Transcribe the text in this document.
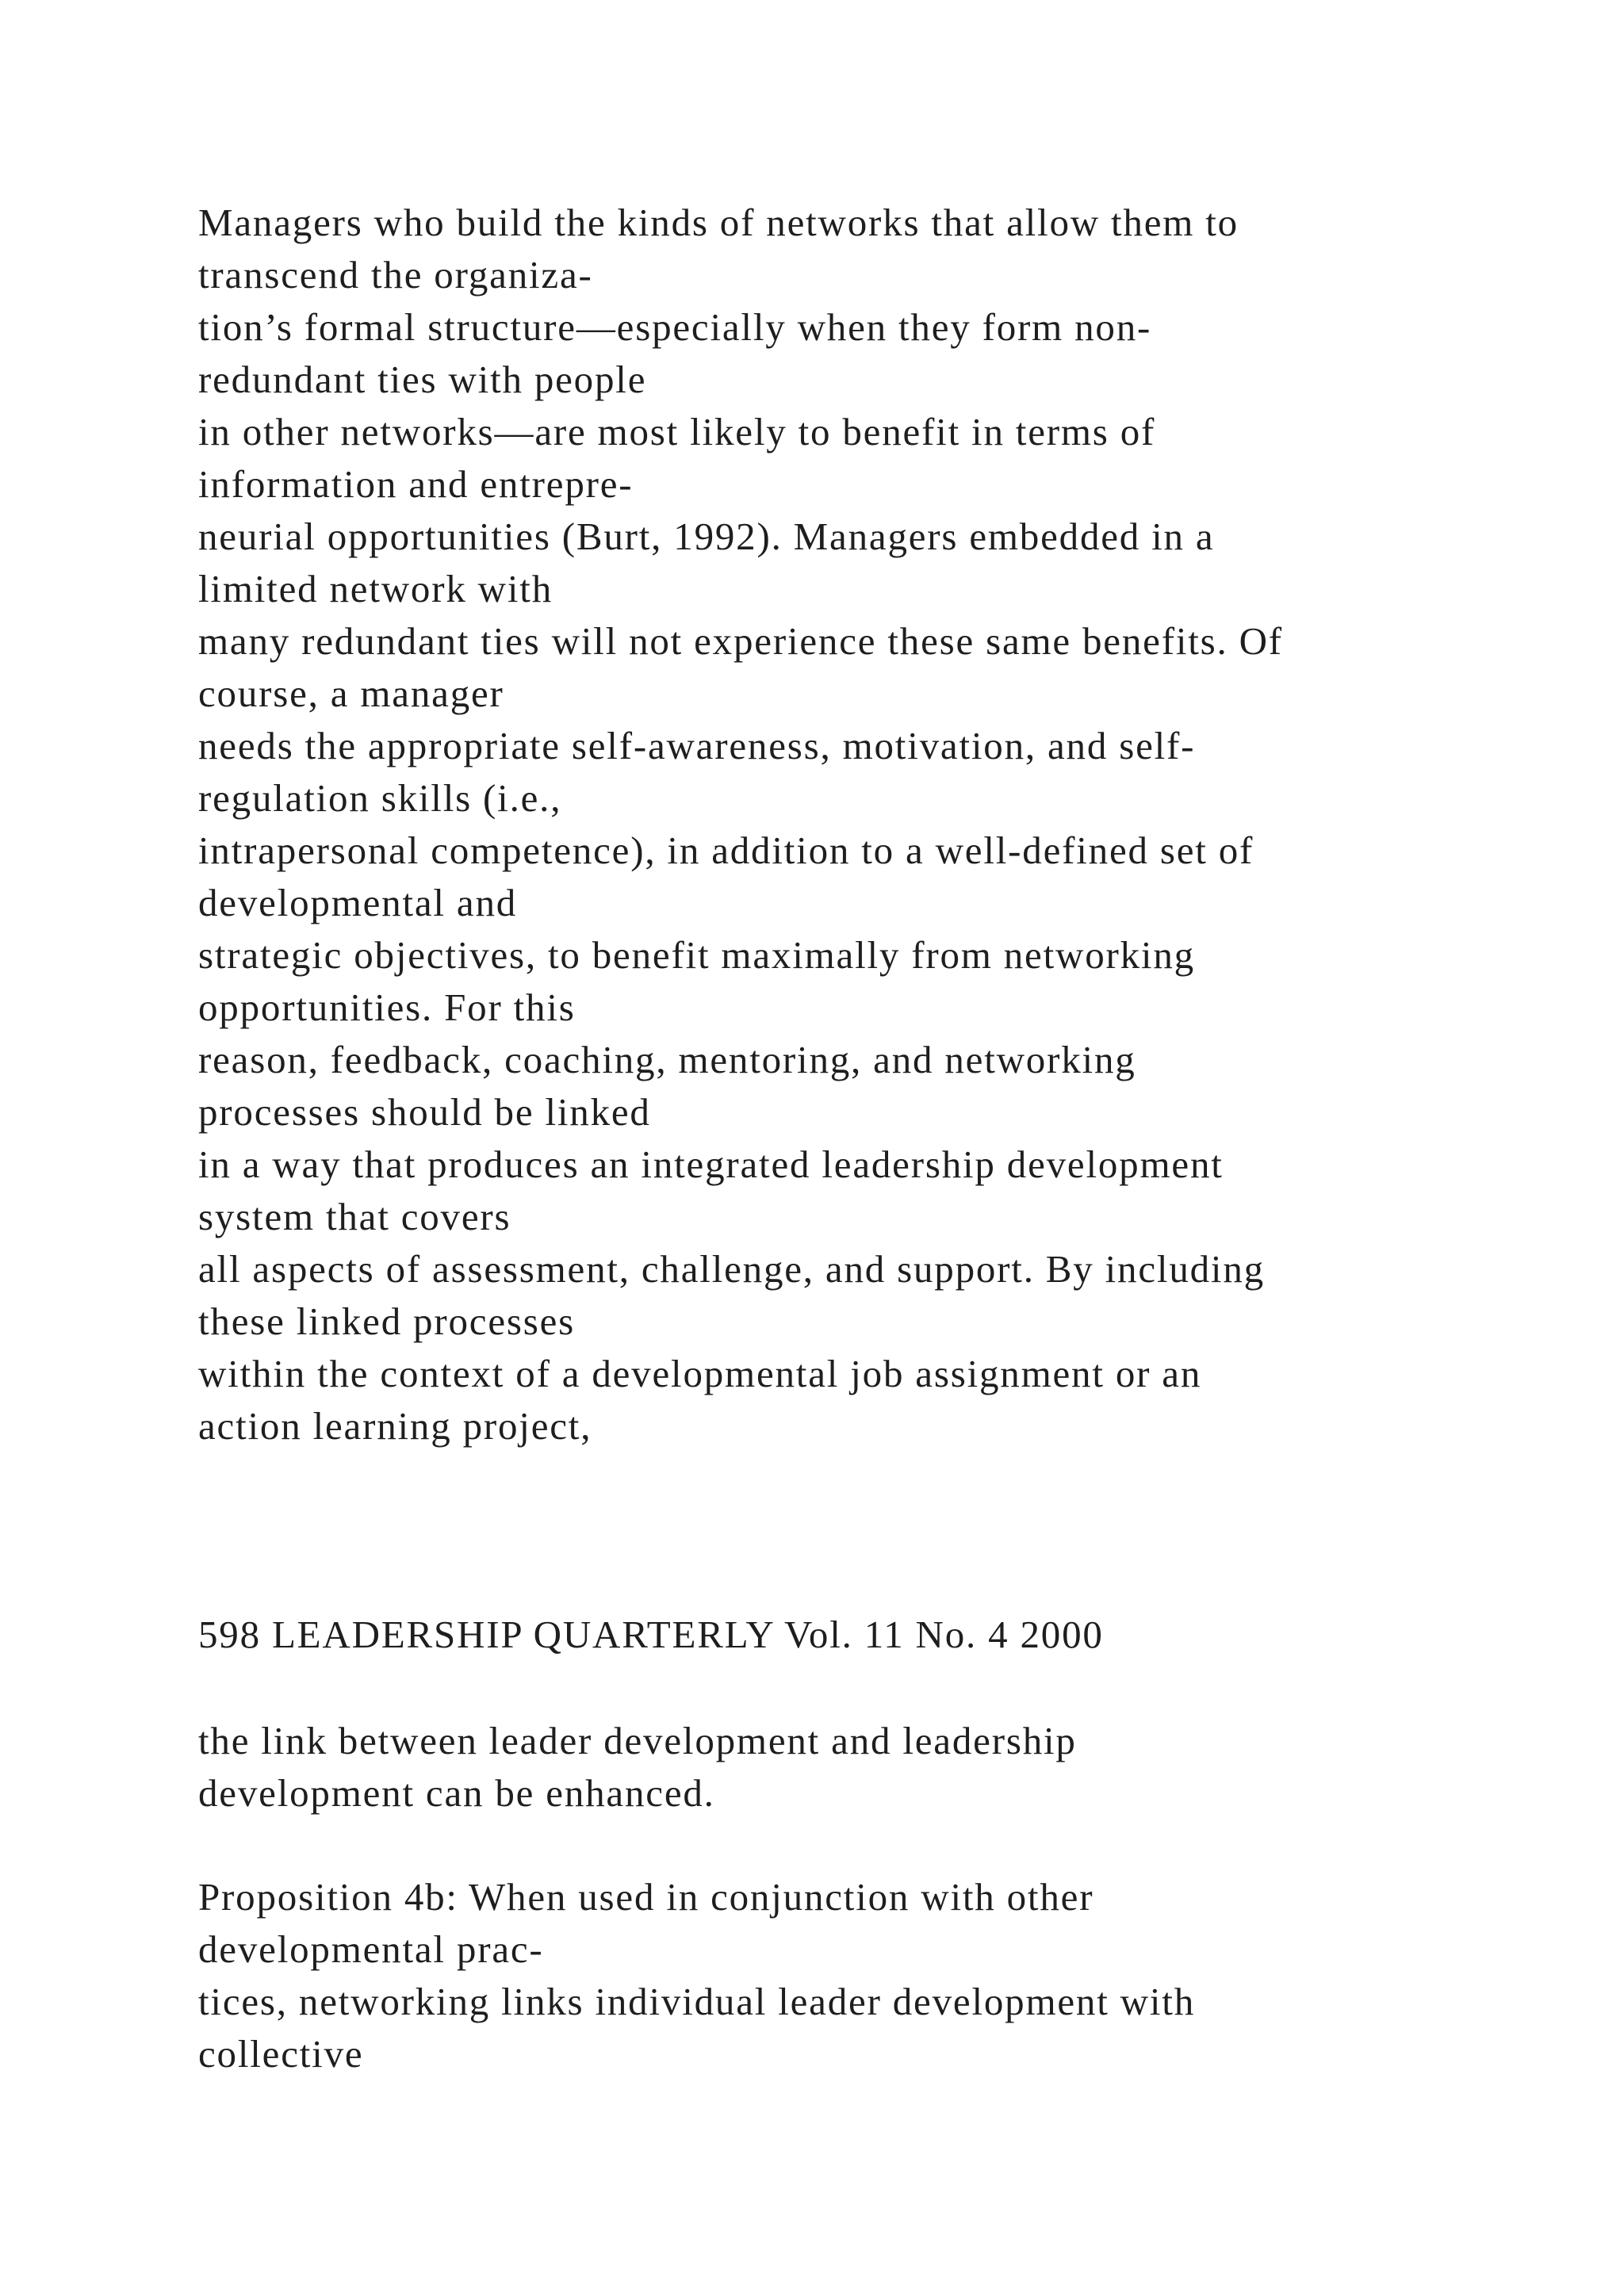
Managers who build the kinds of networks that allow them to

transcend the organiza-

tion’s formal structure—especially when they form non-

redundant ties with people

in other networks—are most likely to benefit in terms of

information and entrepre-

neurial opportunities (Burt, 1992). Managers embedded in a

limited network with

many redundant ties will not experience these same benefits. Of

course, a manager

needs the appropriate self-awareness, motivation, and self-

regulation skills (i.e.,

intrapersonal competence), in addition to a well-defined set of

developmental and

strategic objectives, to benefit maximally from networking

opportunities. For this

reason, feedback, coaching, mentoring, and networking

processes should be linked

in a way that produces an integrated leadership development

system that covers

all aspects of assessment, challenge, and support. By including

these linked processes

within the context of a developmental job assignment or an

action learning project,

598 LEADERSHIP QUARTERLY Vol. 11 No. 4 2000

the link between leader development and leadership

development can be enhanced.

Proposition 4b: When used in conjunction with other

developmental prac-

tices, networking links individual leader development with

collective
